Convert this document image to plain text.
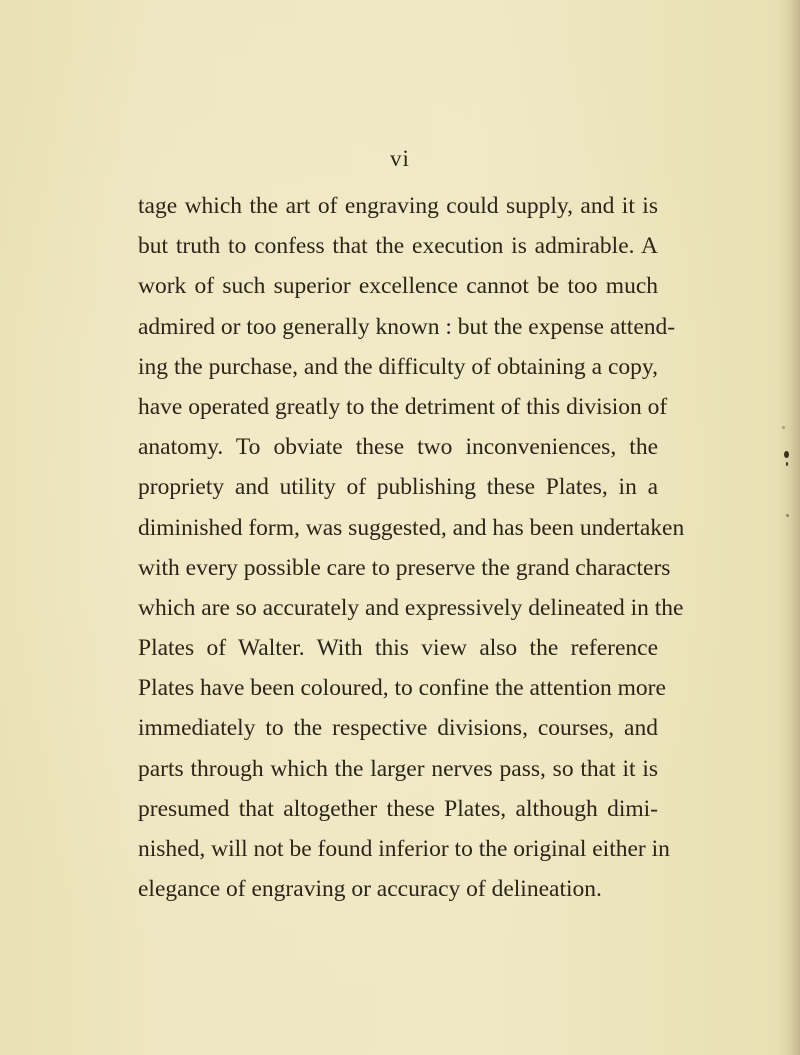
vi
tage which the art of engraving could supply, and it is
but truth to confess that the execution is admirable. A
work of such superior excellence cannot be too much
admired or too generally known : but the expense attend-
ing the purchase, and the difficulty of obtaining a copy,
have operated greatly to the detriment of this division of
anatomy. To obviate these two inconveniences, the
propriety and utility of publishing these Plates, in a
diminished form, was suggested, and has been undertaken
with every possible care to preserve the grand characters
which are so accurately and expressively delineated in the
Plates of Walter. With this view also the reference
Plates have been coloured, to confine the attention more
immediately to the respective divisions, courses, and
parts through which the larger nerves pass, so that it is
presumed that altogether these Plates, although dimi-
nished, will not be found inferior to the original either in
elegance of engraving or accuracy of delineation.
